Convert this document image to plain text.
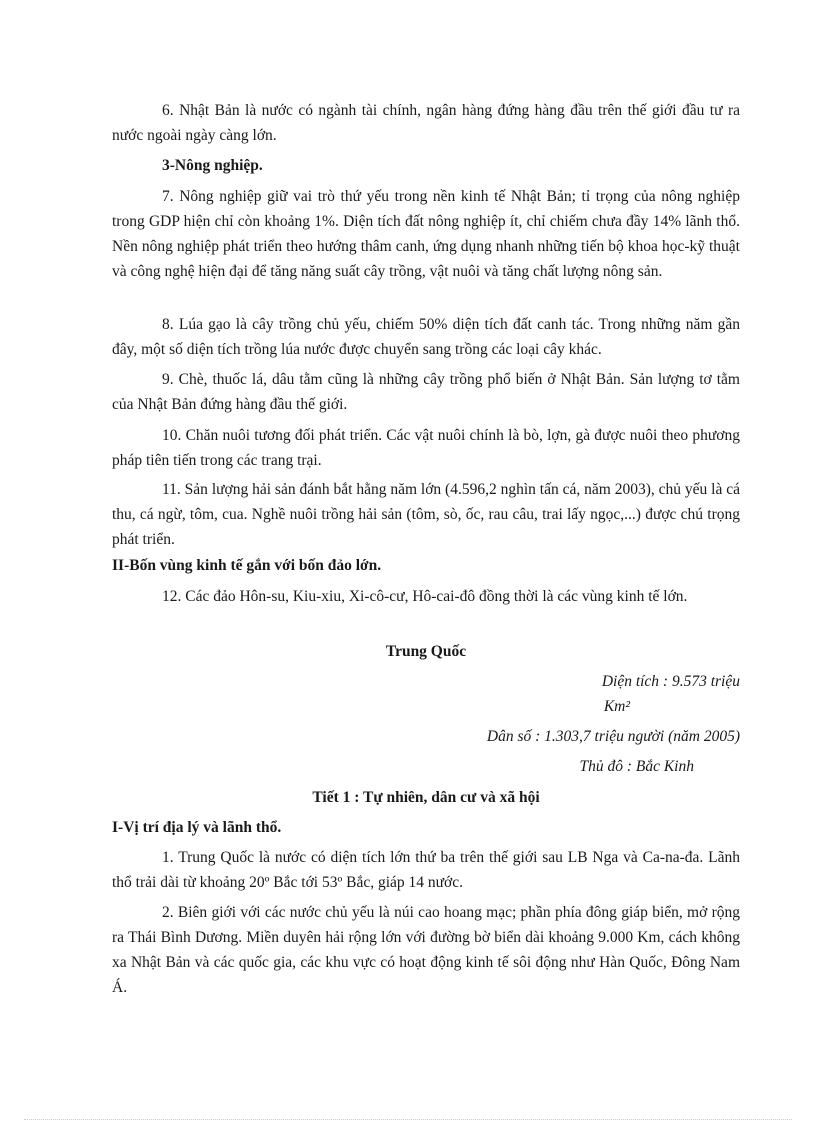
6. Nhật Bản là nước có ngành tài chính, ngân hàng đứng hàng đầu trên thế giới đầu tư ra nước ngoài ngày càng lớn.
3-Nông nghiệp.
7. Nông nghiệp giữ vai trò thứ yếu trong nền kinh tế Nhật Bản; tỉ trọng của nông nghiệp trong GDP hiện chỉ còn khoảng 1%. Diện tích đất nông nghiệp ít, chỉ chiếm chưa đầy 14% lãnh thổ. Nền nông nghiệp phát triển theo hướng thâm canh, ứng dụng nhanh những tiến bộ khoa học-kỹ thuật và công nghệ hiện đại để tăng năng suất cây trồng, vật nuôi và tăng chất lượng nông sản.
8. Lúa gạo là cây trồng chủ yếu, chiếm 50% diện tích đất canh tác. Trong những năm gần đây, một số diện tích trồng lúa nước được chuyển sang trồng các loại cây khác.
9. Chè, thuốc lá, dâu tằm cũng là những cây trồng phổ biến ở Nhật Bản. Sản lượng tơ tằm của Nhật Bản đứng hàng đầu thế giới.
10. Chăn nuôi tương đối phát triển. Các vật nuôi chính là bò, lợn, gà được nuôi theo phương pháp tiên tiến trong các trang trại.
11. Sản lượng hải sản đánh bắt hằng năm lớn (4.596,2 nghìn tấn cá, năm 2003), chủ yếu là cá thu, cá ngừ, tôm, cua. Nghề nuôi trồng hải sản (tôm, sò, ốc, rau câu, trai lấy ngọc,...) được chú trọng phát triển.
II-Bốn vùng kinh tế gắn với bốn đảo lớn.
12. Các đảo Hôn-su, Kiu-xiu, Xi-cô-cư, Hô-cai-đô đồng thời là các vùng kinh tế lớn.
Trung Quốc
Diện tích : 9.573 triệu
Km²
Dân số : 1.303,7 triệu người (năm 2005)
Thủ đô : Bắc Kinh
Tiết 1 : Tự nhiên, dân cư và xã hội
I-Vị trí địa lý và lãnh thổ.
1. Trung Quốc là nước có diện tích lớn thứ ba trên thế giới sau LB Nga và Ca-na-đa. Lãnh thổ trải dài từ khoảng 20º Bắc tới 53º Bắc, giáp 14 nước.
2. Biên giới với các nước chủ yếu là núi cao hoang mạc; phần phía đông giáp biển, mở rộng ra Thái Bình Dương. Miền duyên hải rộng lớn với đường bờ biển dài khoảng 9.000 Km, cách không xa Nhật Bản và các quốc gia, các khu vực có hoạt động kinh tế sôi động như Hàn Quốc, Đông Nam Á.
